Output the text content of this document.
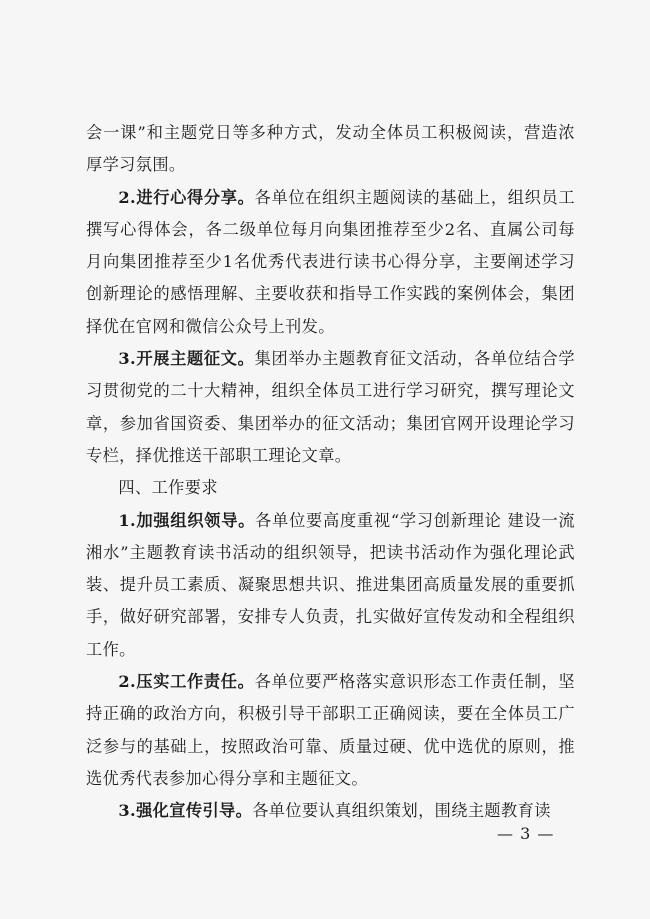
会一课”和主题党日等多种方式，发动全体员工积极阅读，营造浓厚学习氛围。

2.进行心得分享。各单位在组织主题阅读的基础上，组织员工撰写心得体会，各二级单位每月向集团推荐至少2名、直属公司每月向集团推荐至少1名优秀代表进行读书心得分享，主要阐述学习创新理论的感悟理解、主要收获和指导工作实践的案例体会，集团择优在官网和微信公众号上刊发。

3.开展主题征文。集团举办主题教育征文活动，各单位结合学习贯彻党的二十大精神，组织全体员工进行学习研究，撰写理论文章，参加省国资委、集团举办的征文活动；集团官网开设理论学习专栏，择优推送干部职工理论文章。

四、工作要求

1.加强组织领导。各单位要高度重视“学习创新理论 建设一流湘水”主题教育读书活动的组织领导，把读书活动作为强化理论武装、提升员工素质、凝聚思想共识、推进集团高质量发展的重要抓手，做好研究部署，安排专人负责，扎实做好宣传发动和全程组织工作。

2.压实工作责任。各单位要严格落实意识形态工作责任制，坚持正确的政治方向，积极引导干部职工正确阅读，要在全体员工广泛参与的基础上，按照政治可靠、质量过硬、优中选优的原则，推选优秀代表参加心得分享和主题征文。

3.强化宣传引导。各单位要认真组织策划，围绕主题教育读

— 3 —
